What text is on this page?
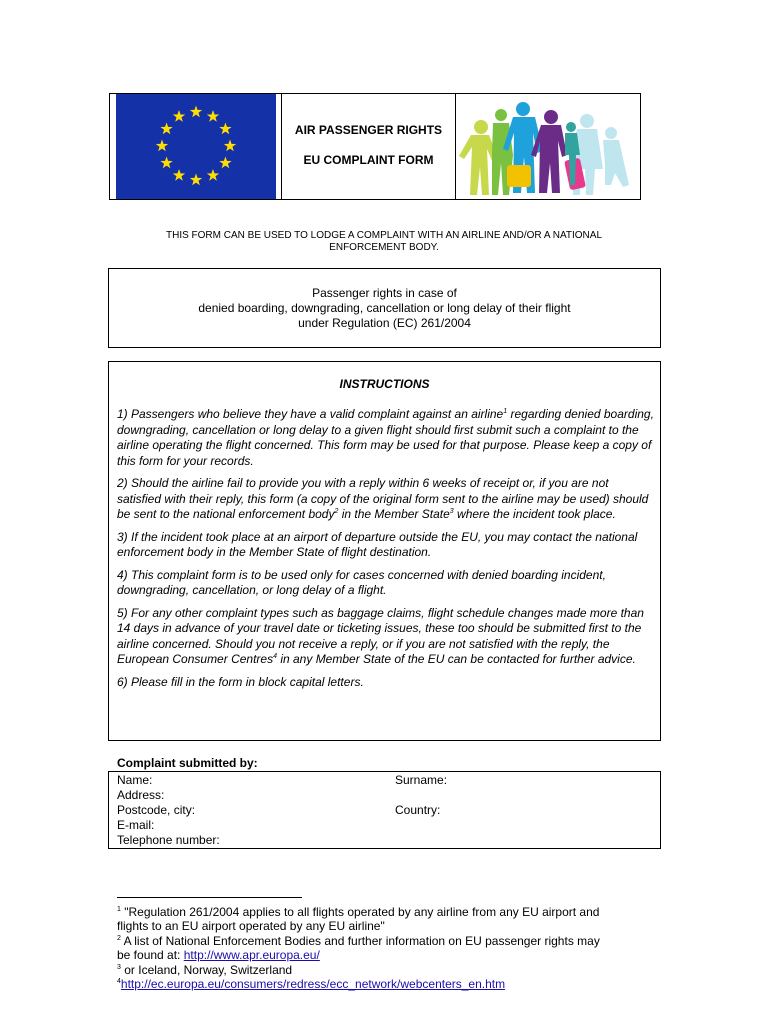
AIR PASSENGER RIGHTS
EU COMPLAINT FORM
THIS FORM CAN BE USED TO LODGE A COMPLAINT WITH AN AIRLINE AND/OR A NATIONAL
ENFORCEMENT BODY.
Passenger rights in case of
denied boarding, downgrading, cancellation or long delay of their flight
under Regulation (EC) 261/2004
INSTRUCTIONS

1) Passengers who believe they have a valid complaint against an airline$^1$ regarding denied boarding, downgrading, cancellation or long delay to a given flight should first submit such a complaint to the airline operating the flight concerned. This form may be used for that purpose. Please keep a copy of this form for your records.

2) Should the airline fail to provide you with a reply within 6 weeks of receipt or, if you are not satisfied with their reply, this form (a copy of the original form sent to the airline may be used) should be sent to the national enforcement body$^2$ in the Member State$^3$ where the incident took place.

3) If the incident took place at an airport of departure outside the EU, you may contact the national enforcement body in the Member State of flight destination.

4) This complaint form is to be used only for cases concerned with denied boarding incident, downgrading, cancellation, or long delay of a flight.

5) For any other complaint types such as baggage claims, flight schedule changes made more than 14 days in advance of your travel date or ticketing issues, these too should be submitted first to the airline concerned. Should you not receive a reply, or if you are not satisfied with the reply, the European Consumer Centres$^4$ in any Member State of the EU can be contacted for further advice.

6) Please fill in the form in block capital letters.

Complaint submitted by:
Name:	Surname:
Address:
Postcode, city:	Country:
E-mail:
Telephone number:
$^1$ "Regulation 261/2004 applies to all flights operated by any airline from any EU airport and
flights to an EU airport operated by any EU airline"
$^2$ A list of National Enforcement Bodies and further information on EU passenger rights may
be found at: http://www.apr.europa.eu/
$^3$ or Iceland, Norway, Switzerland
$^4$http://ec.europa.eu/consumers/redress/ecc_network/webcenters_en.htm
